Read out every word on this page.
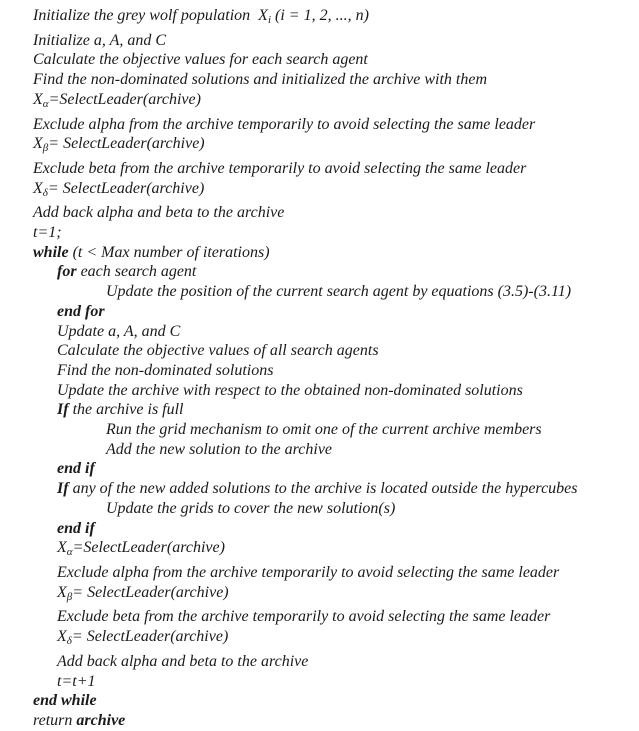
Initialize the grey wolf population  Xi (i = 1, 2, ..., n)
Initialize a, A, and C
Calculate the objective values for each search agent
Find the non-dominated solutions and initialized the archive with them
Xα=SelectLeader(archive)
Exclude alpha from the archive temporarily to avoid selecting the same leader
Xβ= SelectLeader(archive)
Exclude beta from the archive temporarily to avoid selecting the same leader
Xδ= SelectLeader(archive)
Add back alpha and beta to the archive
t=1;
while (t < Max number of iterations)
for each search agent
Update the position of the current search agent by equations (3.5)-(3.11)
end for
Update a, A, and C
Calculate the objective values of all search agents
Find the non-dominated solutions
Update the archive with respect to the obtained non-dominated solutions
If the archive is full
Run the grid mechanism to omit one of the current archive members
Add the new solution to the archive
end if
If any of the new added solutions to the archive is located outside the hypercubes
Update the grids to cover the new solution(s)
end if
Xα=SelectLeader(archive)
Exclude alpha from the archive temporarily to avoid selecting the same leader
Xβ= SelectLeader(archive)
Exclude beta from the archive temporarily to avoid selecting the same leader
Xδ= SelectLeader(archive)
Add back alpha and beta to the archive
t=t+1
end while
return archive
